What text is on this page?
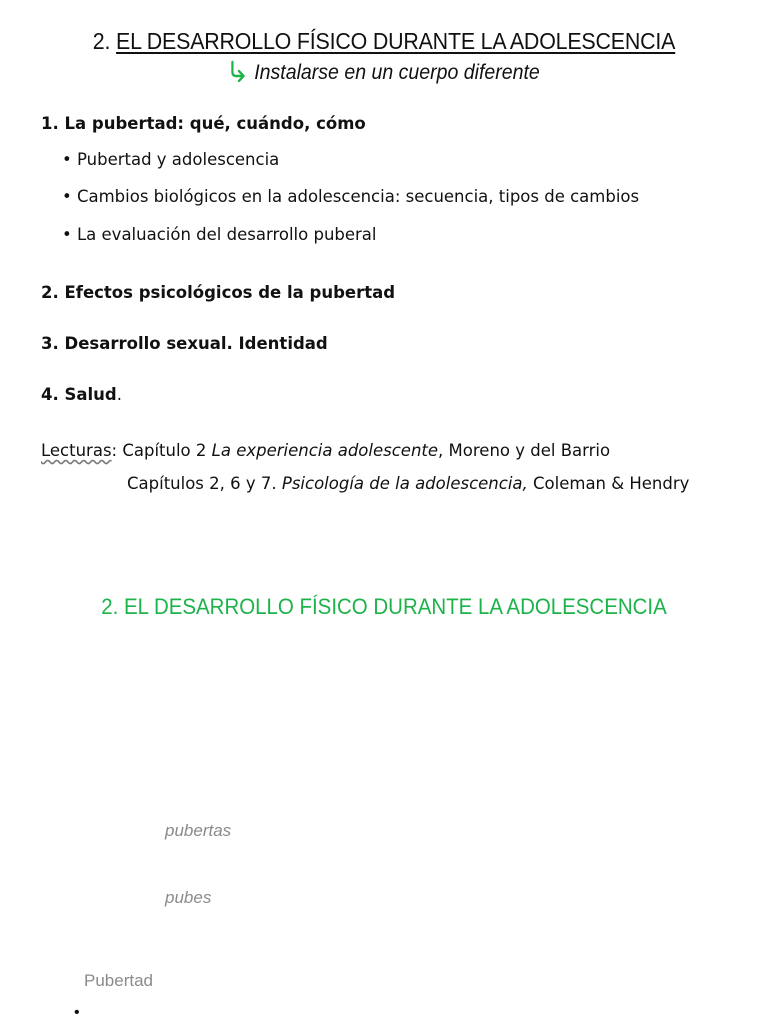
2. EL DESARROLLO FÍSICO DURANTE LA ADOLESCENCIA
Instalarse en un cuerpo diferente
1. La pubertad: qué, cuándo, cómo
• Pubertad y adolescencia
• Cambios biológicos en la adolescencia: secuencia, tipos de cambios
• La evaluación del desarrollo puberal
2. Efectos psicológicos de la pubertad
3. Desarrollo sexual. Identidad
4. Salud.
Lecturas: Capítulo 2 La experiencia adolescente, Moreno y del Barrio
Capítulos 2, 6 y 7. Psicología de la adolescencia, Coleman & Hendry
2. EL DESARROLLO FÍSICO DURANTE LA ADOLESCENCIA
pubertas
pubes
Pubertad
•
